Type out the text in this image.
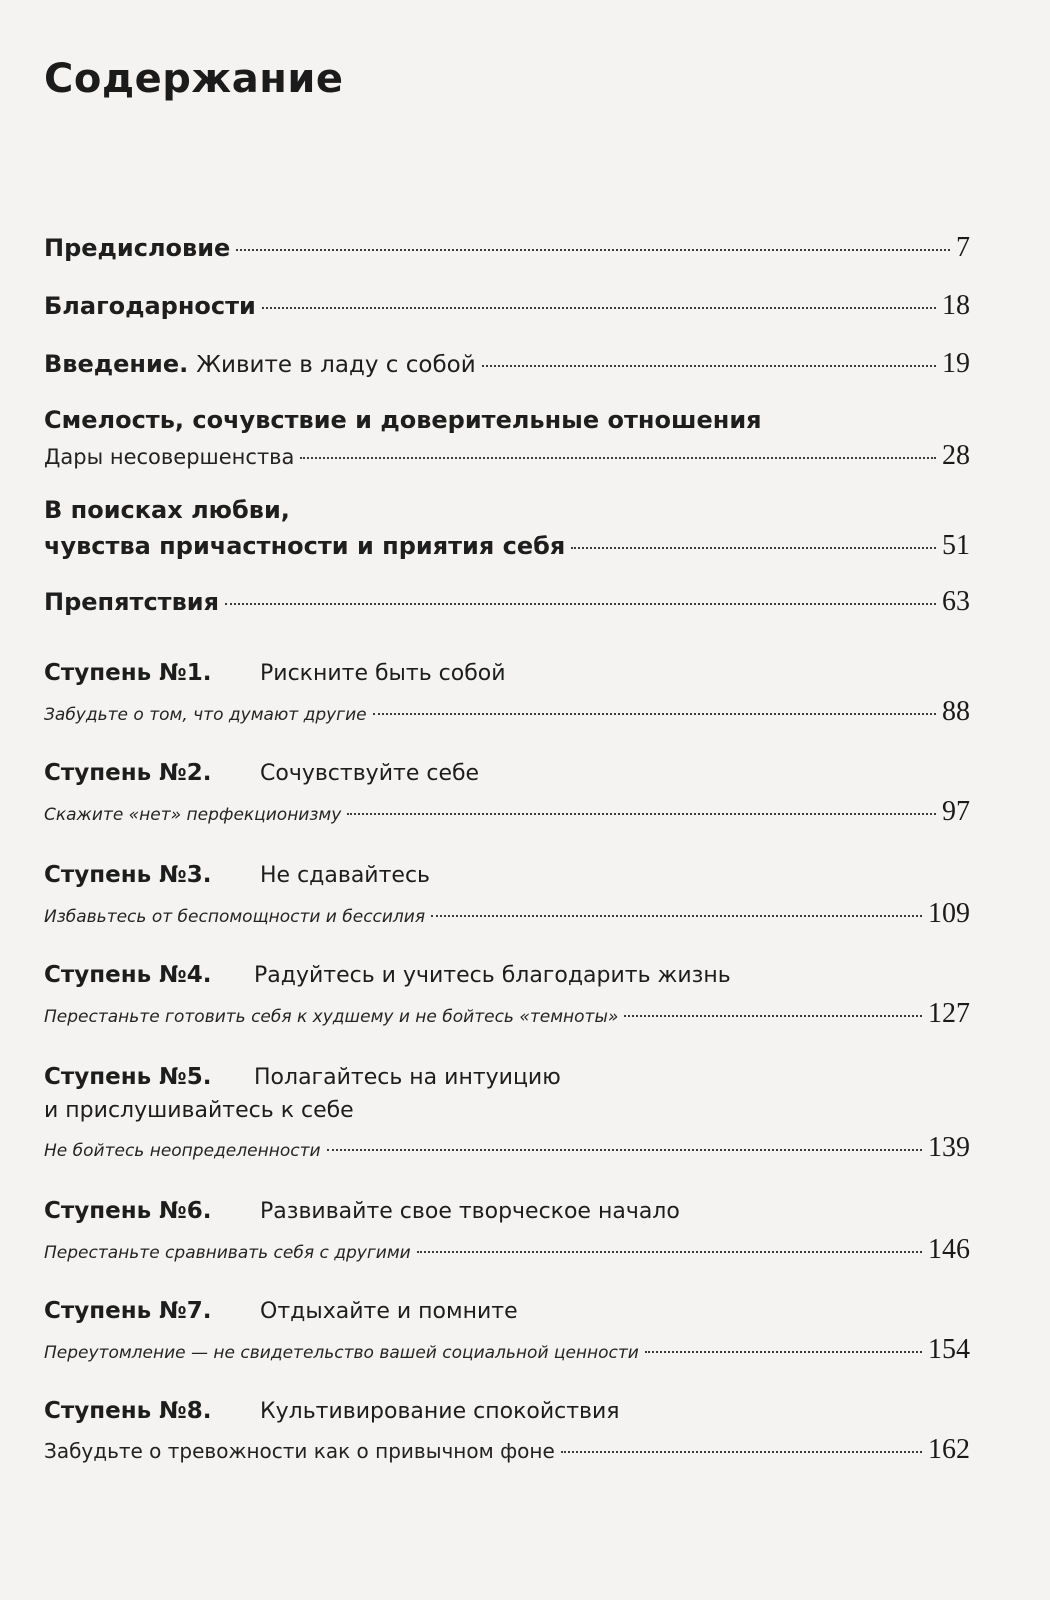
Содержание
Предисловие	7
Благодарности	18
Введение. Живите в ладу с собой	19
Смелость, сочувствие и доверительные отношения
Дары несовершенства	28
В поисках любви,
чувства причастности и приятия себя	51
Препятствия	63
Ступень №1. Рискните быть собой
Забудьте о том, что думают другие	88
Ступень №2. Сочувствуйте себе
Скажите «нет» перфекционизму	97
Ступень №3. Не сдавайтесь
Избавьтесь от беспомощности и бессилия	109
Ступень №4. Радуйтесь и учитесь благодарить жизнь
Перестаньте готовить себя к худшему и не бойтесь «темноты»	127
Ступень №5. Полагайтесь на интуицию
и прислушивайтесь к себе
Не бойтесь неопределенности	139
Ступень №6. Развивайте свое творческое начало
Перестаньте сравнивать себя с другими	146
Ступень №7. Отдыхайте и помните
Переутомление — не свидетельство вашей социальной ценности	154
Ступень №8. Культивирование спокойствия
Забудьте о тревожности как о привычном фоне	162
